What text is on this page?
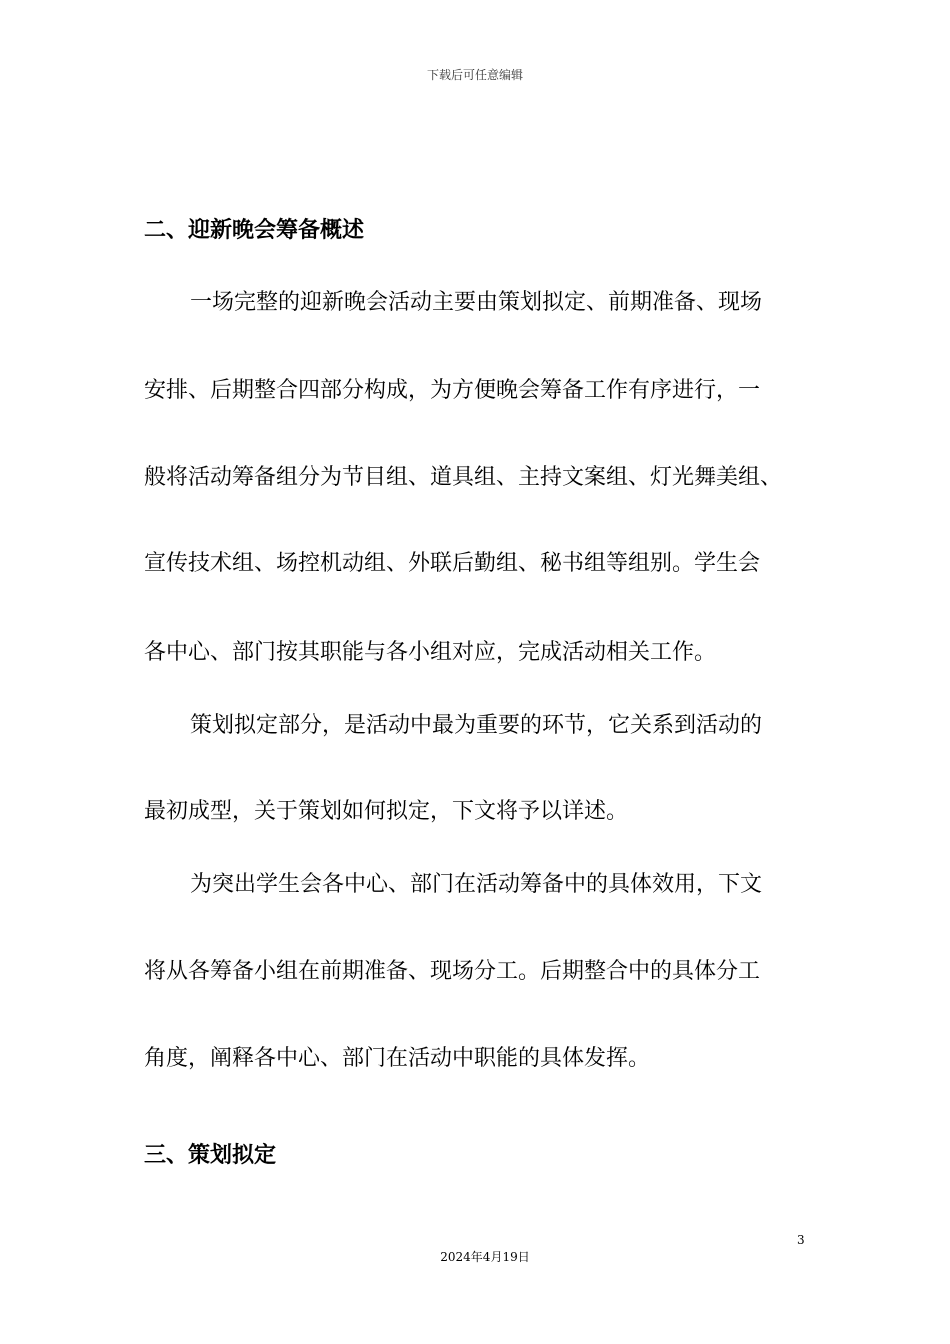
下载后可任意编辑
二、迎新晚会筹备概述
一场完整的迎新晚会活动主要由策划拟定、前期准备、现场
安排、后期整合四部分构成，为方便晚会筹备工作有序进行，一
般将活动筹备组分为节目组、道具组、主持文案组、灯光舞美组、
宣传技术组、场控机动组、外联后勤组、秘书组等组别。学生会
各中心、部门按其职能与各小组对应，完成活动相关工作。
策划拟定部分，是活动中最为重要的环节，它关系到活动的
最初成型，关于策划如何拟定，下文将予以详述。
为突出学生会各中心、部门在活动筹备中的具体效用，下文
将从各筹备小组在前期准备、现场分工。后期整合中的具体分工
角度，阐释各中心、部门在活动中职能的具体发挥。
三、策划拟定
3
2024年4月19日
